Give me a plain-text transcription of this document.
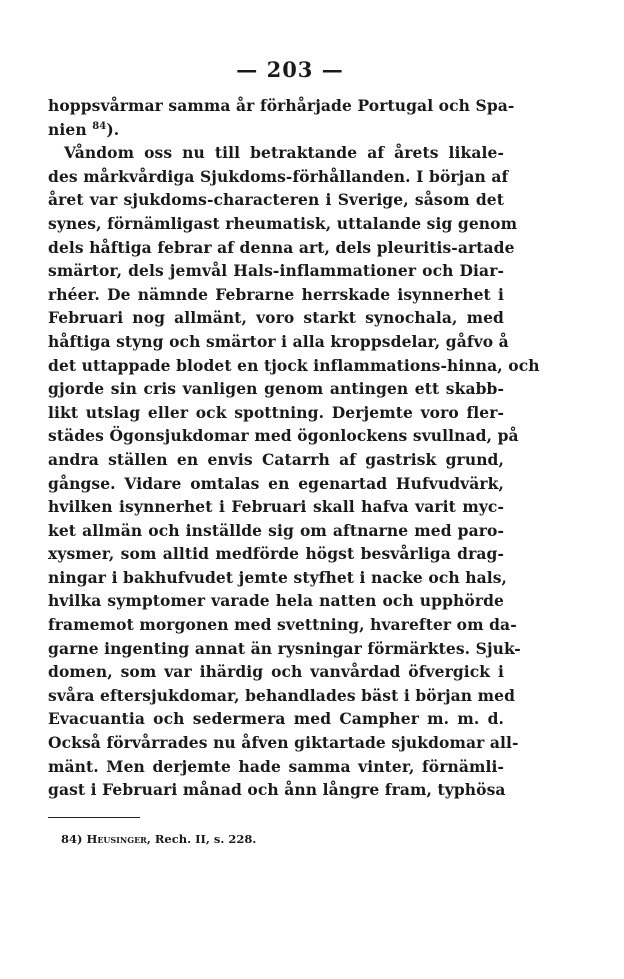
— 203 —
hoppsvårmar samma år förhårjade Portugal och Spa-
nien $^{84}$).
Våndom oss nu till betraktande af årets likale-
des mårkvårdiga Sjukdoms-förhållanden. I början af
året var sjukdoms-characteren i Sverige, såsom det
synes, förnämligast rheumatisk, uttalande sig genom
dels håftiga febrar af denna art, dels pleuritis-artade
smärtor, dels jemvål Hals-inflammationer och Diar-
rhéer. De nämnde Febrarne herrskade isynnerhet i
Februari nog allmänt, voro starkt synochala, med
håftiga styng och smärtor i alla kroppsdelar, gåfvo å
det uttappade blodet en tjock inflammations-hinna, och
gjorde sin cris vanligen genom antingen ett skabb-
likt utslag eller ock spottning. Derjemte voro fler-
städes Ögonsjukdomar med ögonlockens svullnad, på
andra ställen en envis Catarrh af gastrisk grund,
gångse. Vidare omtalas en egenartad Hufvudvärk,
hvilken isynnerhet i Februari skall hafva varit myc-
ket allmän och inställde sig om aftnarne med paro-
xysmer, som alltid medförde högst besvårliga drag-
ningar i bakhufvudet jemte styfhet i nacke och hals,
hvilka symptomer varade hela natten och upphörde
framemot morgonen med svettning, hvarefter om da-
garne ingenting annat än rysningar förmärktes. Sjuk-
domen, som var ihärdig och vanvårdad öfvergick i
svåra eftersjukdomar, behandlades bäst i början med
Evacuantia och sedermera med Campher m. m. d.
Också förvårrades nu åfven giktartade sjukdomar all-
mänt. Men derjemte hade samma vinter, förnämli-
gast i Februari månad och ånn långre fram, typhösa
84) Heusinger, Rech. II, s. 228.
